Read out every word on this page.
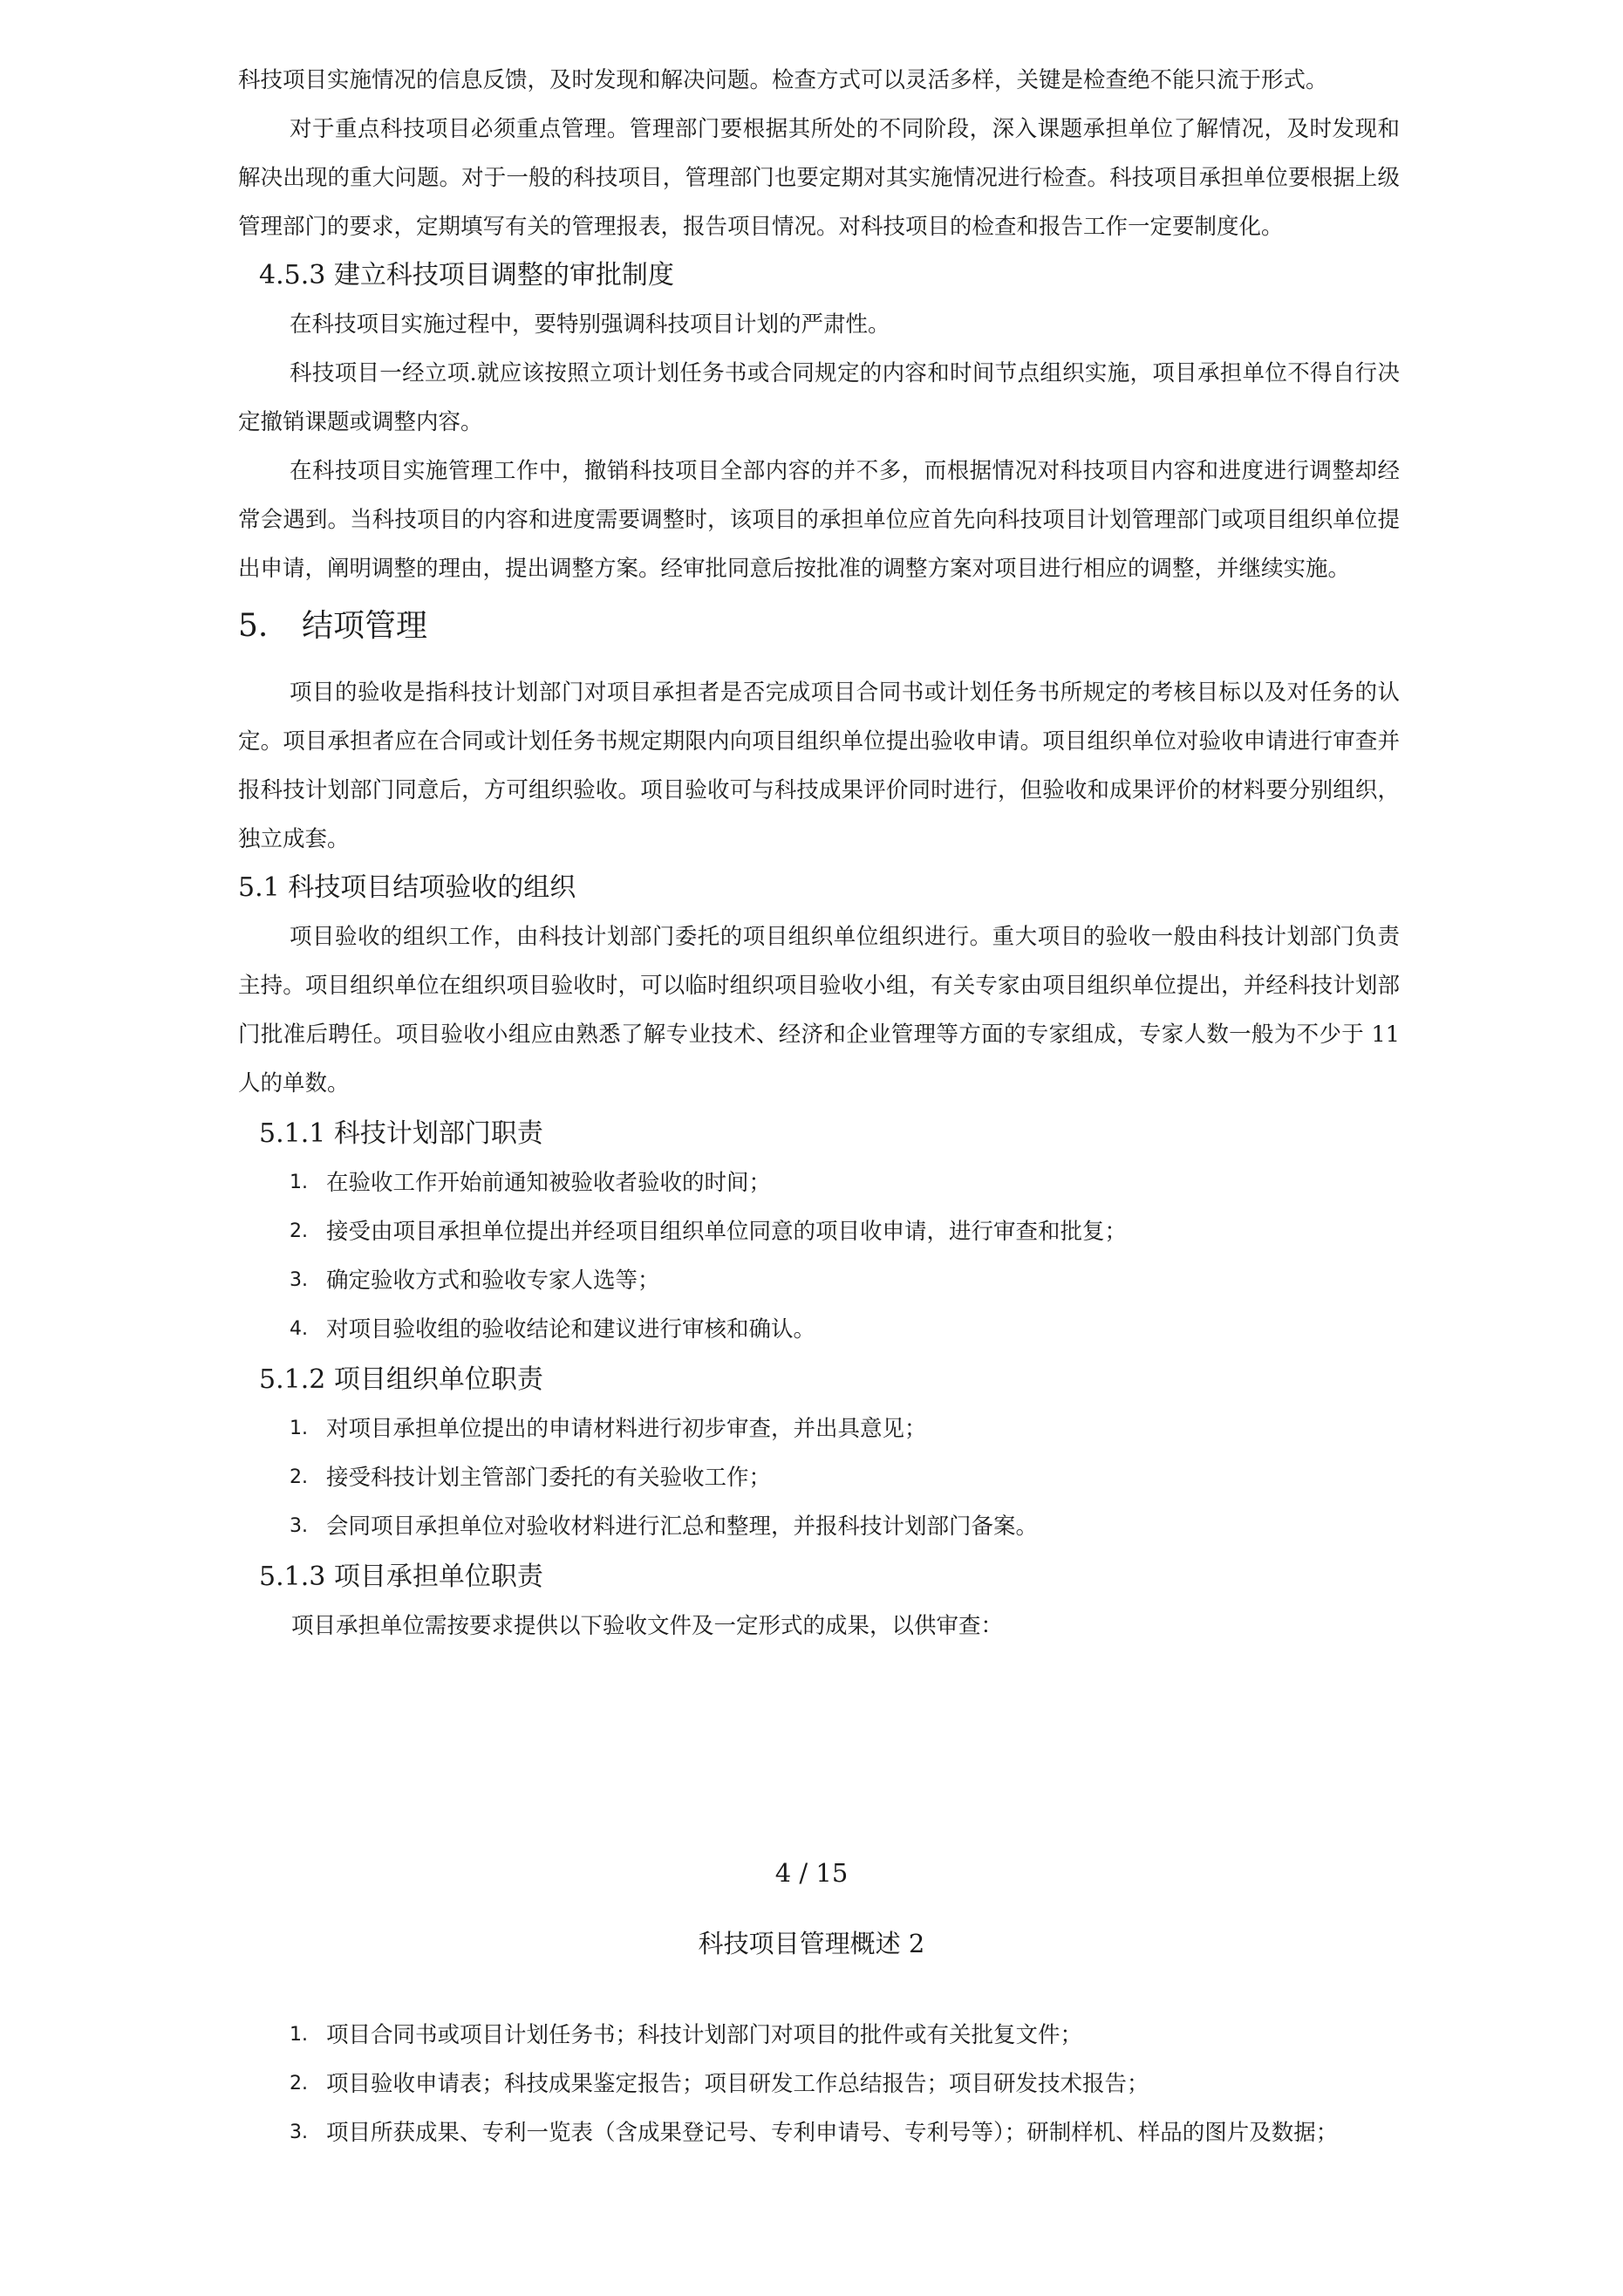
科技项目实施情况的信息反馈，及时发现和解决问题。检查方式可以灵活多样，关键是检查绝不能只流于形式。

对于重点科技项目必须重点管理。管理部门要根据其所处的不同阶段，深入课题承担单位了解情况，及时发现和解决出现的重大问题。对于一般的科技项目，管理部门也要定期对其实施情况进行检查。科技项目承担单位要根据上级管理部门的要求，定期填写有关的管理报表，报告项目情况。对科技项目的检查和报告工作一定要制度化。

4.5.3 建立科技项目调整的审批制度

在科技项目实施过程中，要特别强调科技项目计划的严肃性。

科技项目一经立项.就应该按照立项计划任务书或合同规定的内容和时间节点组织实施，项目承担单位不得自行决定撤销课题或调整内容。

在科技项目实施管理工作中，撤销科技项目全部内容的并不多，而根据情况对科技项目内容和进度进行调整却经常会遇到。当科技项目的内容和进度需要调整时，该项目的承担单位应首先向科技项目计划管理部门或项目组织单位提出申请，阐明调整的理由，提出调整方案。经审批同意后按批准的调整方案对项目进行相应的调整，并继续实施。

5.	结项管理

项目的验收是指科技计划部门对项目承担者是否完成项目合同书或计划任务书所规定的考核目标以及对任务的认定。项目承担者应在合同或计划任务书规定期限内向项目组织单位提出验收申请。项目组织单位对验收申请进行审查并报科技计划部门同意后，方可组织验收。项目验收可与科技成果评价同时进行，但验收和成果评价的材料要分别组织，独立成套。

5.1 科技项目结项验收的组织

项目验收的组织工作，由科技计划部门委托的项目组织单位组织进行。重大项目的验收一般由科技计划部门负责主持。项目组织单位在组织项目验收时，可以临时组织项目验收小组，有关专家由项目组织单位提出，并经科技计划部门批准后聘任。项目验收小组应由熟悉了解专业技术、经济和企业管理等方面的专家组成，专家人数一般为不少于 11 人的单数。

5.1.1 科技计划部门职责
1. 在验收工作开始前通知被验收者验收的时间；
2. 接受由项目承担单位提出并经项目组织单位同意的项目收申请，进行审查和批复；
3. 确定验收方式和验收专家人选等；
4. 对项目验收组的验收结论和建议进行审核和确认。
5.1.2 项目组织单位职责
1. 对项目承担单位提出的申请材料进行初步审查，并出具意见；
2. 接受科技计划主管部门委托的有关验收工作；
3. 会同项目承担单位对验收材料进行汇总和整理，并报科技计划部门备案。
5.1.3 项目承担单位职责

项目承担单位需按要求提供以下验收文件及一定形式的成果，以供审查：

4 / 15
科技项目管理概述 2
1. 项目合同书或项目计划任务书；科技计划部门对项目的批件或有关批复文件；
2. 项目验收申请表；科技成果鉴定报告；项目研发工作总结报告；项目研发技术报告；
3. 项目所获成果、专利一览表（含成果登记号、专利申请号、专利号等）；研制样机、样品的图片及数据；
